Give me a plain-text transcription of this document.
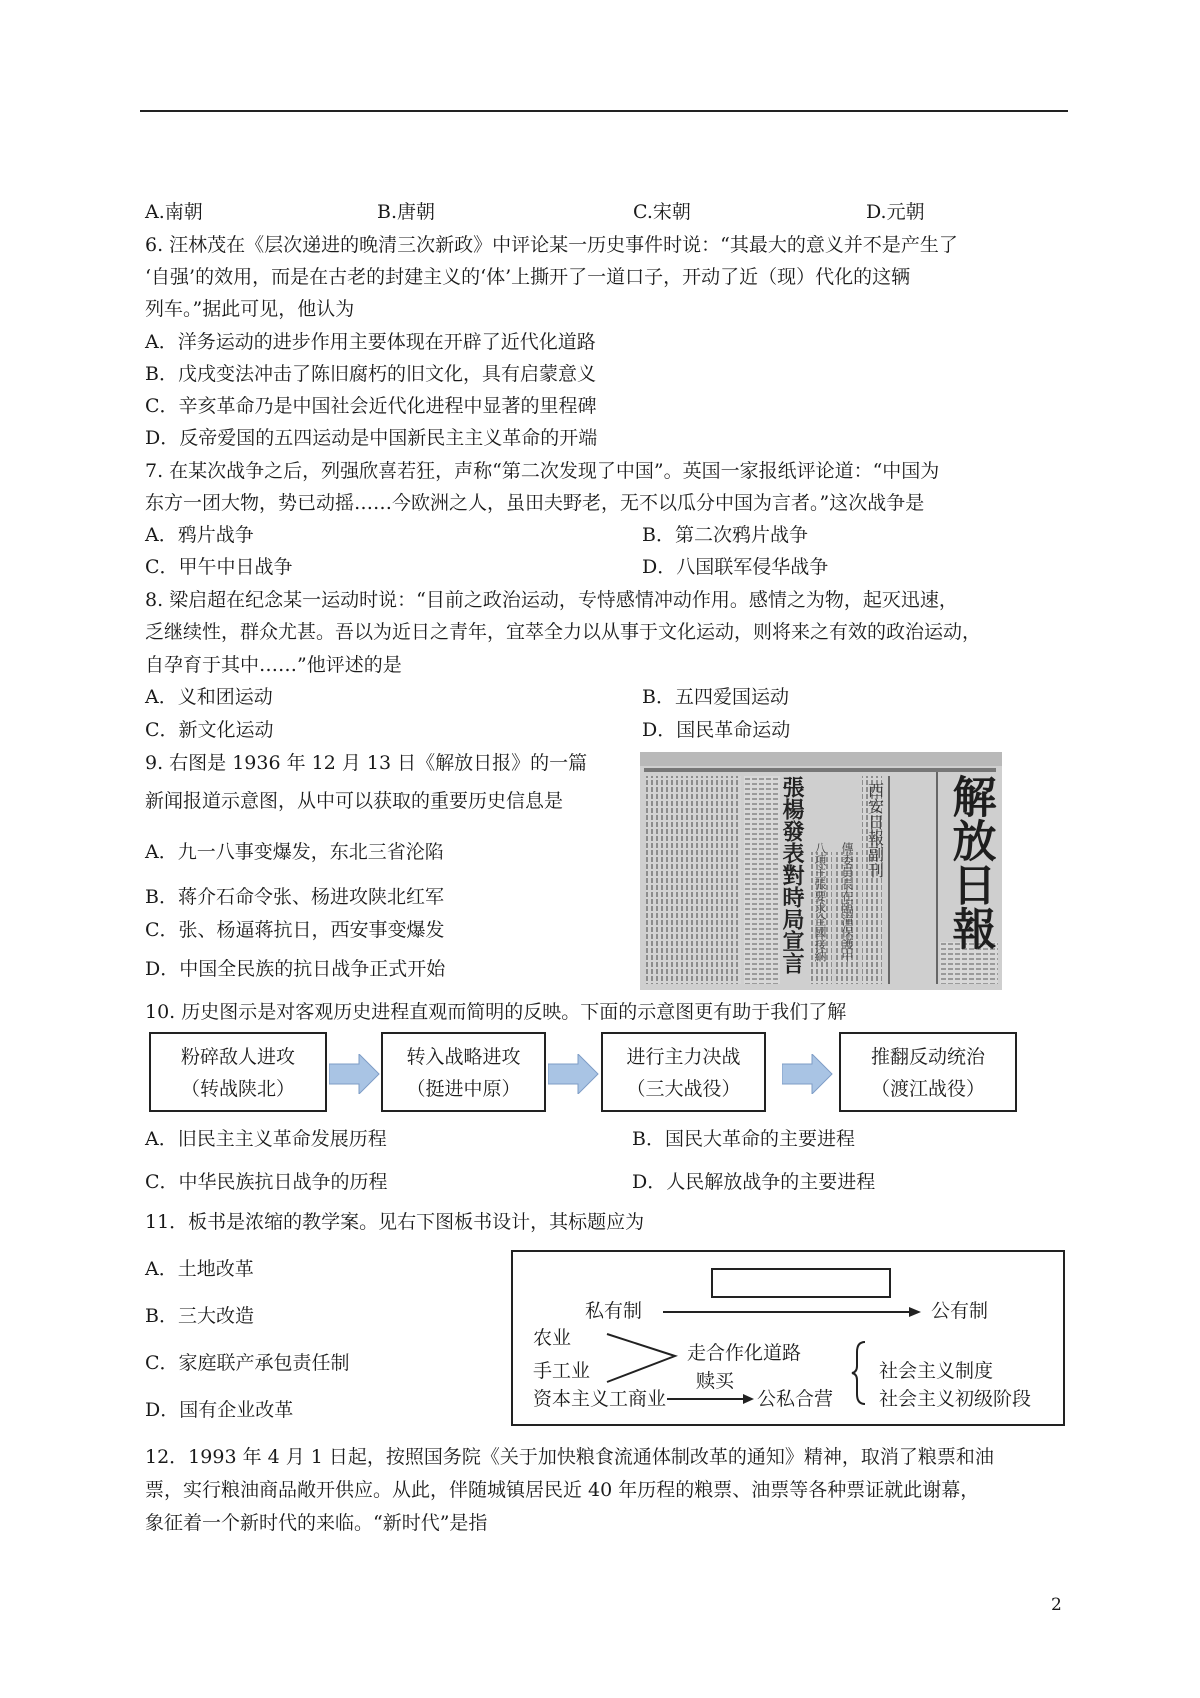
A.南朝	B.唐朝	C.宋朝	D.元朝
6. 汪林茂在《层次递进的晚清三次新政》中评论某一历史事件时说：“其最大的意义并不是产生了
‘自强’的效用，而是在古老的封建主义的‘体’上撕开了一道口子，开动了近（现）代化的这辆
列车。”据此可见，他认为
A．洋务运动的进步作用主要体现在开辟了近代化道路
B．戊戌变法冲击了陈旧腐朽的旧文化，具有启蒙意义
C．辛亥革命乃是中国社会近代化进程中显著的里程碑
D．反帝爱国的五四运动是中国新民主主义革命的开端
7. 在某次战争之后，列强欣喜若狂，声称“第二次发现了中国”。英国一家报纸评论道：“中国为
东方一团大物，势已动摇……今欧洲之人，虽田夫野老，无不以瓜分中国为言者。”这次战争是
A．鸦片战争	B．第二次鸦片战争
C．甲午中日战争	D．八国联军侵华战争
8. 梁启超在纪念某一运动时说：“目前之政治运动，专恃感情冲动作用。感情之为物，起灭迅速，
乏继续性，群众尤甚。吾以为近日之青年，宜萃全力以从事于文化运动，则将来之有效的政治运动，
自孕育于其中……”他评述的是
A．义和团运动	B．五四爱国运动
C．新文化运动	D．国民革命运动
9. 右图是 1936 年 12 月 13 日《解放日报》的一篇
新闻报道示意图，从中可以获取的重要历史信息是
A．九一八事变爆发，东北三省沦陷
B．蒋介石命令张、杨进攻陕北红军
C．张、杨逼蒋抗日，西安事变爆发
D．中国全民族的抗日战争正式开始
西安日報副刊
八項主張要求全國接納 傳委員長在臨潼保護中
張楊發表對時局宣言	解放日報
10. 历史图示是对客观历史进程直观而简明的反映。下面的示意图更有助于我们了解
粉碎敌人进攻
（转战陕北）
转入战略进攻
（挺进中原）
进行主力决战
（三大战役）
推翻反动统治
（渡江战役）
A．旧民主主义革命发展历程	B．国民大革命的主要进程
C．中华民族抗日战争的历程	D．人民解放战争的主要进程
11．板书是浓缩的教学案。见右下图板书设计，其标题应为
A．土地改革
B．三大改造
C．家庭联产承包责任制
D．国有企业改革
私有制	公有制
农业
手工业
资本主义工商业
走合作化道路
赎买
公私合营
社会主义制度
社会主义初级阶段
12．1993 年 4 月 1 日起，按照国务院《关于加快粮食流通体制改革的通知》精神，取消了粮票和油
票，实行粮油商品敞开供应。从此，伴随城镇居民近 40 年历程的粮票、油票等各种票证就此谢幕，
象征着一个新时代的来临。“新时代”是指
2
